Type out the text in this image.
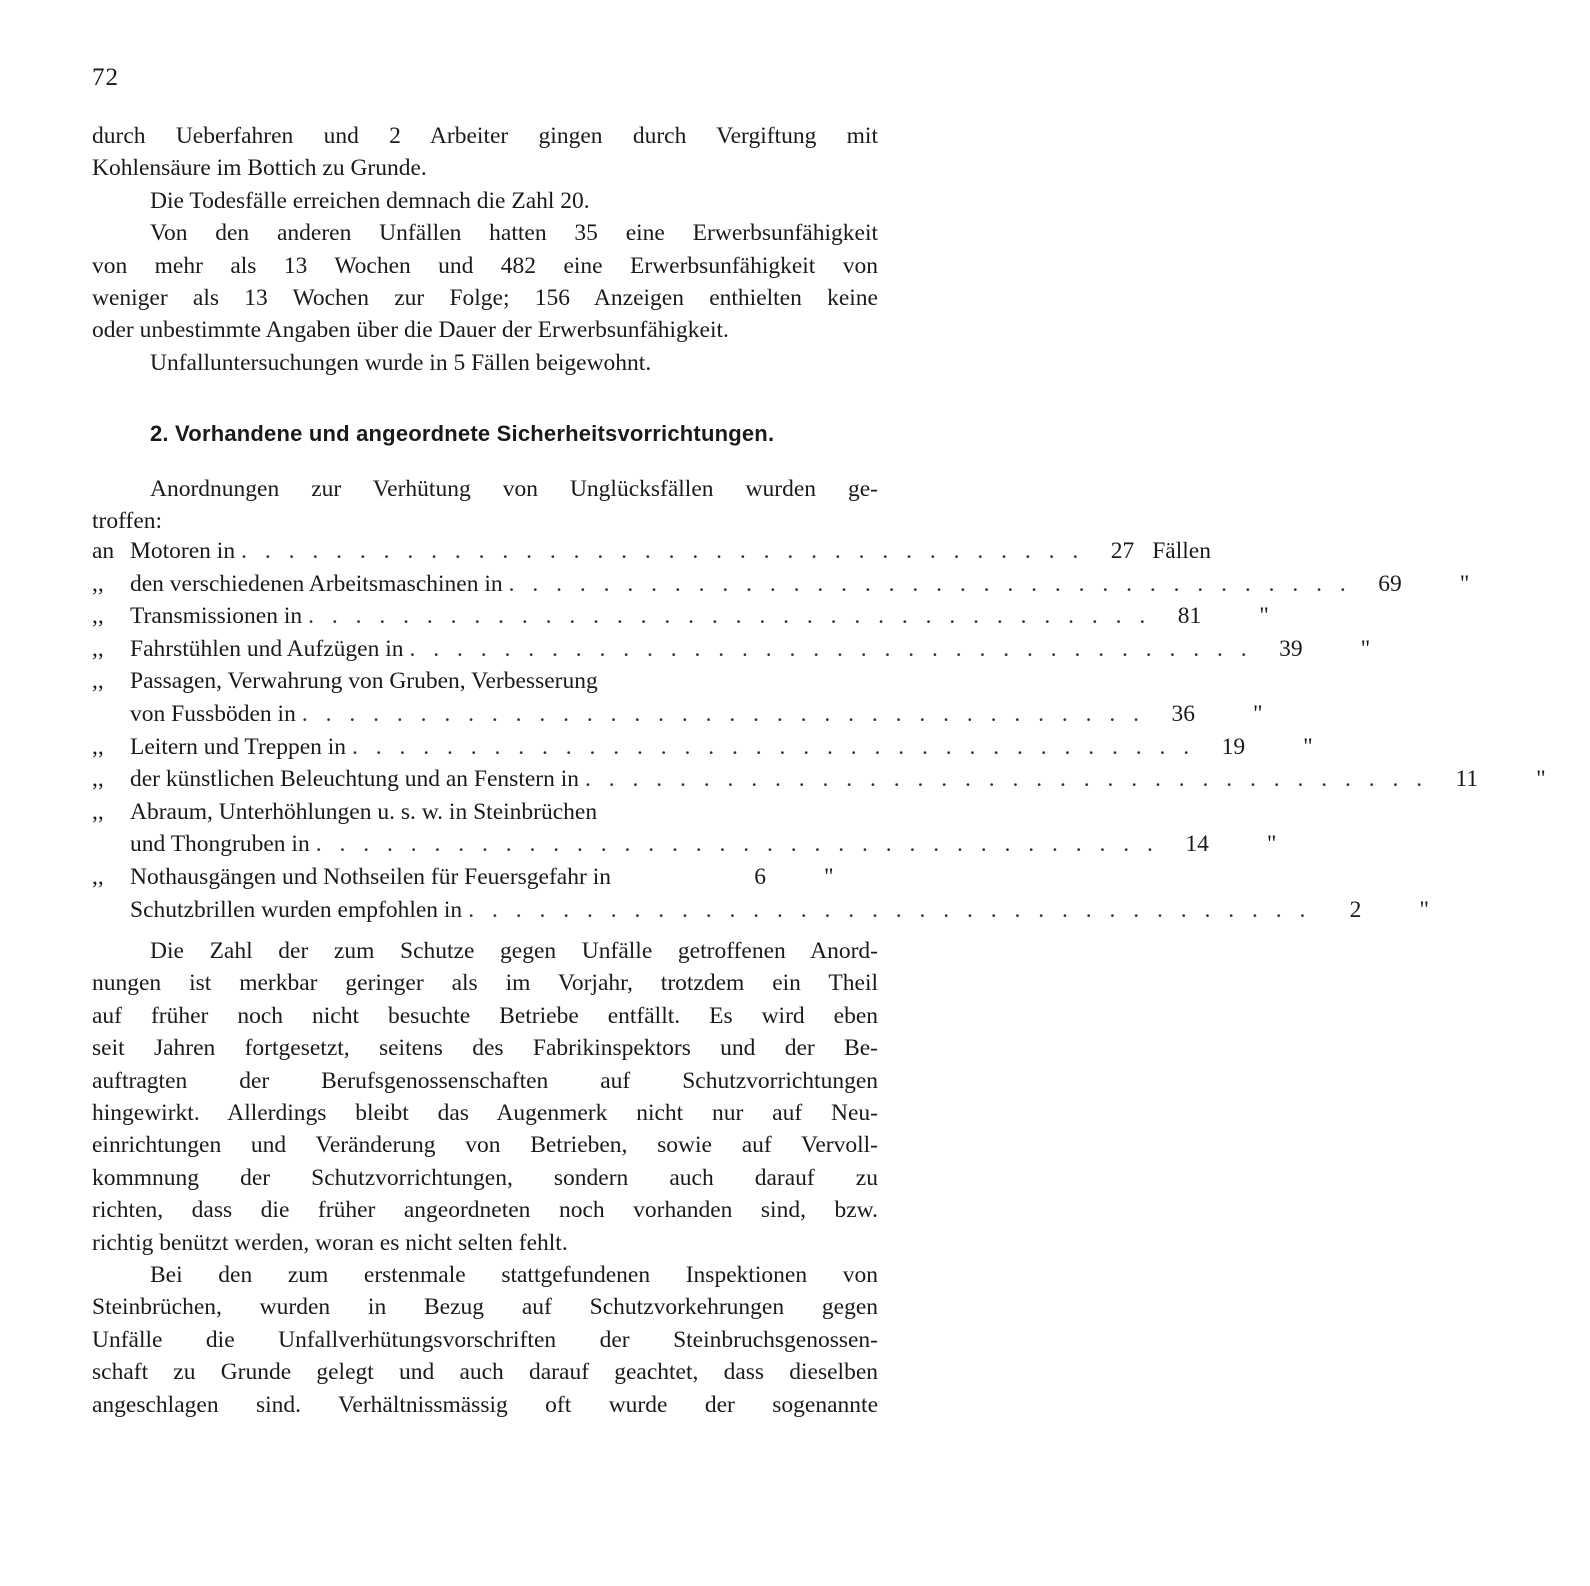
72

durch Ueberfahren und 2 Arbeiter gingen durch Vergiftung mit

Kohlensäure im Bottich zu Grunde.

Die Todesfälle erreichen demnach die Zahl 20.

Von den anderen Unfällen hatten 35 eine Erwerbsunfähigkeit

von mehr als 13 Wochen und 482 eine Erwerbsunfähigkeit von

weniger als 13 Wochen zur Folge; 156 Anzeigen enthielten keine

oder unbestimmte Angaben über die Dauer der Erwerbsunfähigkeit.

Unfalluntersuchungen wurde in 5 Fällen beigewohnt.

2. Vorhandene und angeordnete Sicherheitsvorrichtungen.

Anordnungen zur Verhütung von Unglücksfällen wurden ge-

troffen:

an Motoren in . . . . . . . . . . . . . . . . . . . . . . . . . . . . . . . . . . . .	27 Fällen
,,	den verschiedenen Arbeitsmaschinen in . . . . . . . . . . . . . . . . . . . . . . . . . . . . . . . . . . . .	69	"
,,	Transmissionen in . . . . . . . . . . . . . . . . . . . . . . . . . . . . . . . . . . . .	81	"
,,	Fahrstühlen und Aufzügen in . . . . . . . . . . . . . . . . . . . . . . . . . . . . . . . . . . . .	39	"
,,	Passagen, Verwahrung von Gruben, Verbesserung
von Fussböden in . . . . . . . . . . . . . . . . . . . . . . . . . . . . . . . . . . . .	36	"
,,	Leitern und Treppen in . . . . . . . . . . . . . . . . . . . . . . . . . . . . . . . . . . . .	19	"
,,	der künstlichen Beleuchtung und an Fenstern in . . . . . . . . . . . . . . . . . . . . . . . . . . . . . . . . . . . .	11	"
,,	Abraum, Unterhöhlungen u. s. w. in Steinbrüchen
und Thongruben in . . . . . . . . . . . . . . . . . . . . . . . . . . . . . . . . . . . .	14	"
,,	Nothausgängen und Nothseilen für Feuersgefahr in	6	"
Schutzbrillen wurden empfohlen in . . . . . . . . . . . . . . . . . . . . . . . . . . . . . . . . . . . .	2	"

Die Zahl der zum Schutze gegen Unfälle getroffenen Anord-

nungen ist merkbar geringer als im Vorjahr, trotzdem ein Theil

auf früher noch nicht besuchte Betriebe entfällt. Es wird eben

seit Jahren fortgesetzt, seitens des Fabrikinspektors und der Be-

auftragten der Berufsgenossenschaften auf Schutzvorrichtungen

hingewirkt. Allerdings bleibt das Augenmerk nicht nur auf Neu-

einrichtungen und Veränderung von Betrieben, sowie auf Vervoll-

kommnung der Schutzvorrichtungen, sondern auch darauf zu

richten, dass die früher angeordneten noch vorhanden sind, bzw.

richtig benützt werden, woran es nicht selten fehlt.

Bei den zum erstenmale stattgefundenen Inspektionen von

Steinbrüchen, wurden in Bezug auf Schutzvorkehrungen gegen

Unfälle die Unfallverhütungsvorschriften der Steinbruchsgenossen-

schaft zu Grunde gelegt und auch darauf geachtet, dass dieselben

angeschlagen sind. Verhältnissmässig oft wurde der sogenannte
